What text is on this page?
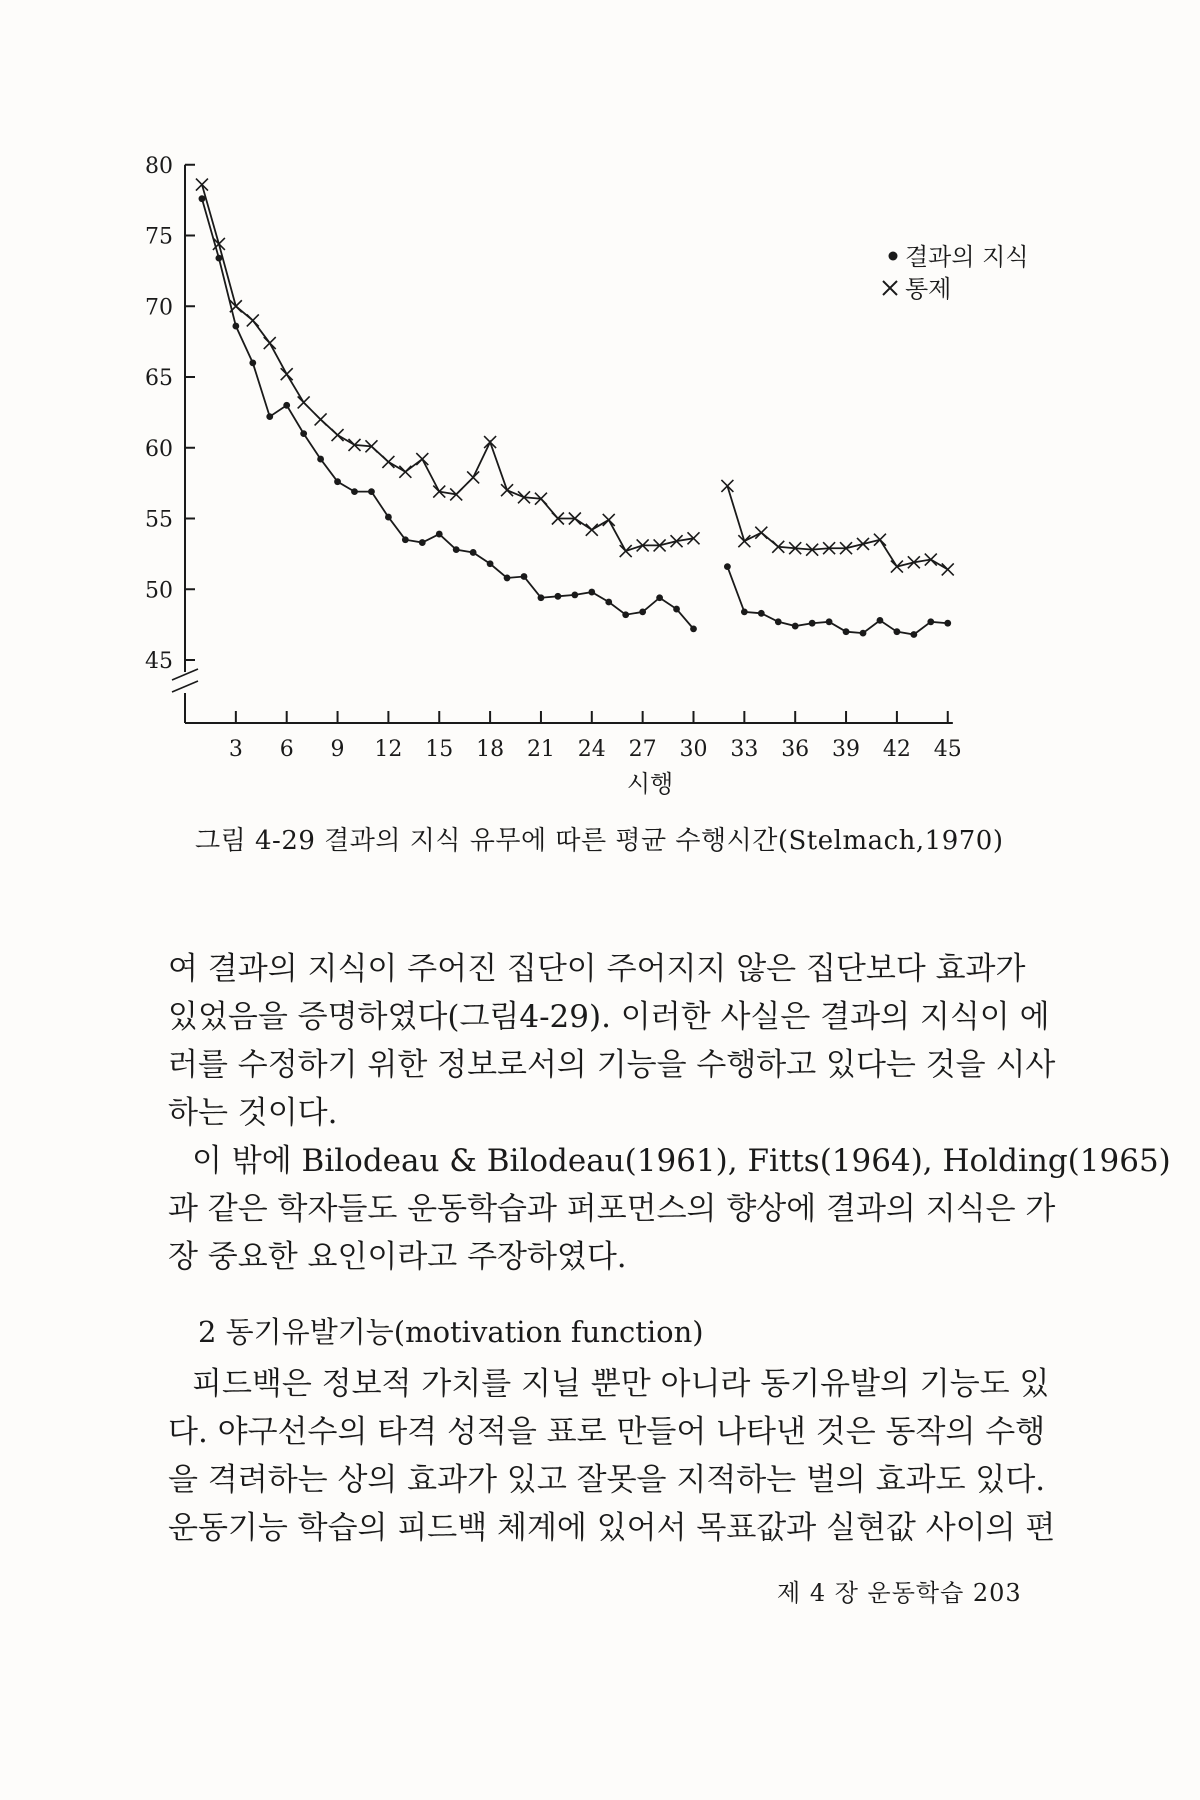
45
50
55
60
65
70
75
80
3 6 9 12 15 18 21 24 27 30 33 36 39 42 45
시행
결과의 지식
통제
그림 4-29 결과의 지식 유무에 따른 평균 수행시간(Stelmach,1970)
여 결과의 지식이 주어진 집단이 주어지지 않은 집단보다 효과가
있었음을 증명하였다(그림4-29). 이러한 사실은 결과의 지식이 에
러를 수정하기 위한 정보로서의 기능을 수행하고 있다는 것을 시사
하는 것이다.
이 밖에 Bilodeau & Bilodeau(1961), Fitts(1964), Holding(1965)
과 같은 학자들도 운동학습과 퍼포먼스의 향상에 결과의 지식은 가
장 중요한 요인이라고 주장하였다.
2 동기유발기능(motivation function)
피드백은 정보적 가치를 지닐 뿐만 아니라 동기유발의 기능도 있
다. 야구선수의 타격 성적을 표로 만들어 나타낸 것은 동작의 수행
을 격려하는 상의 효과가 있고 잘못을 지적하는 벌의 효과도 있다.
운동기능 학습의 피드백 체계에 있어서 목표값과 실현값 사이의 편
제 4 장 운동학습 203
